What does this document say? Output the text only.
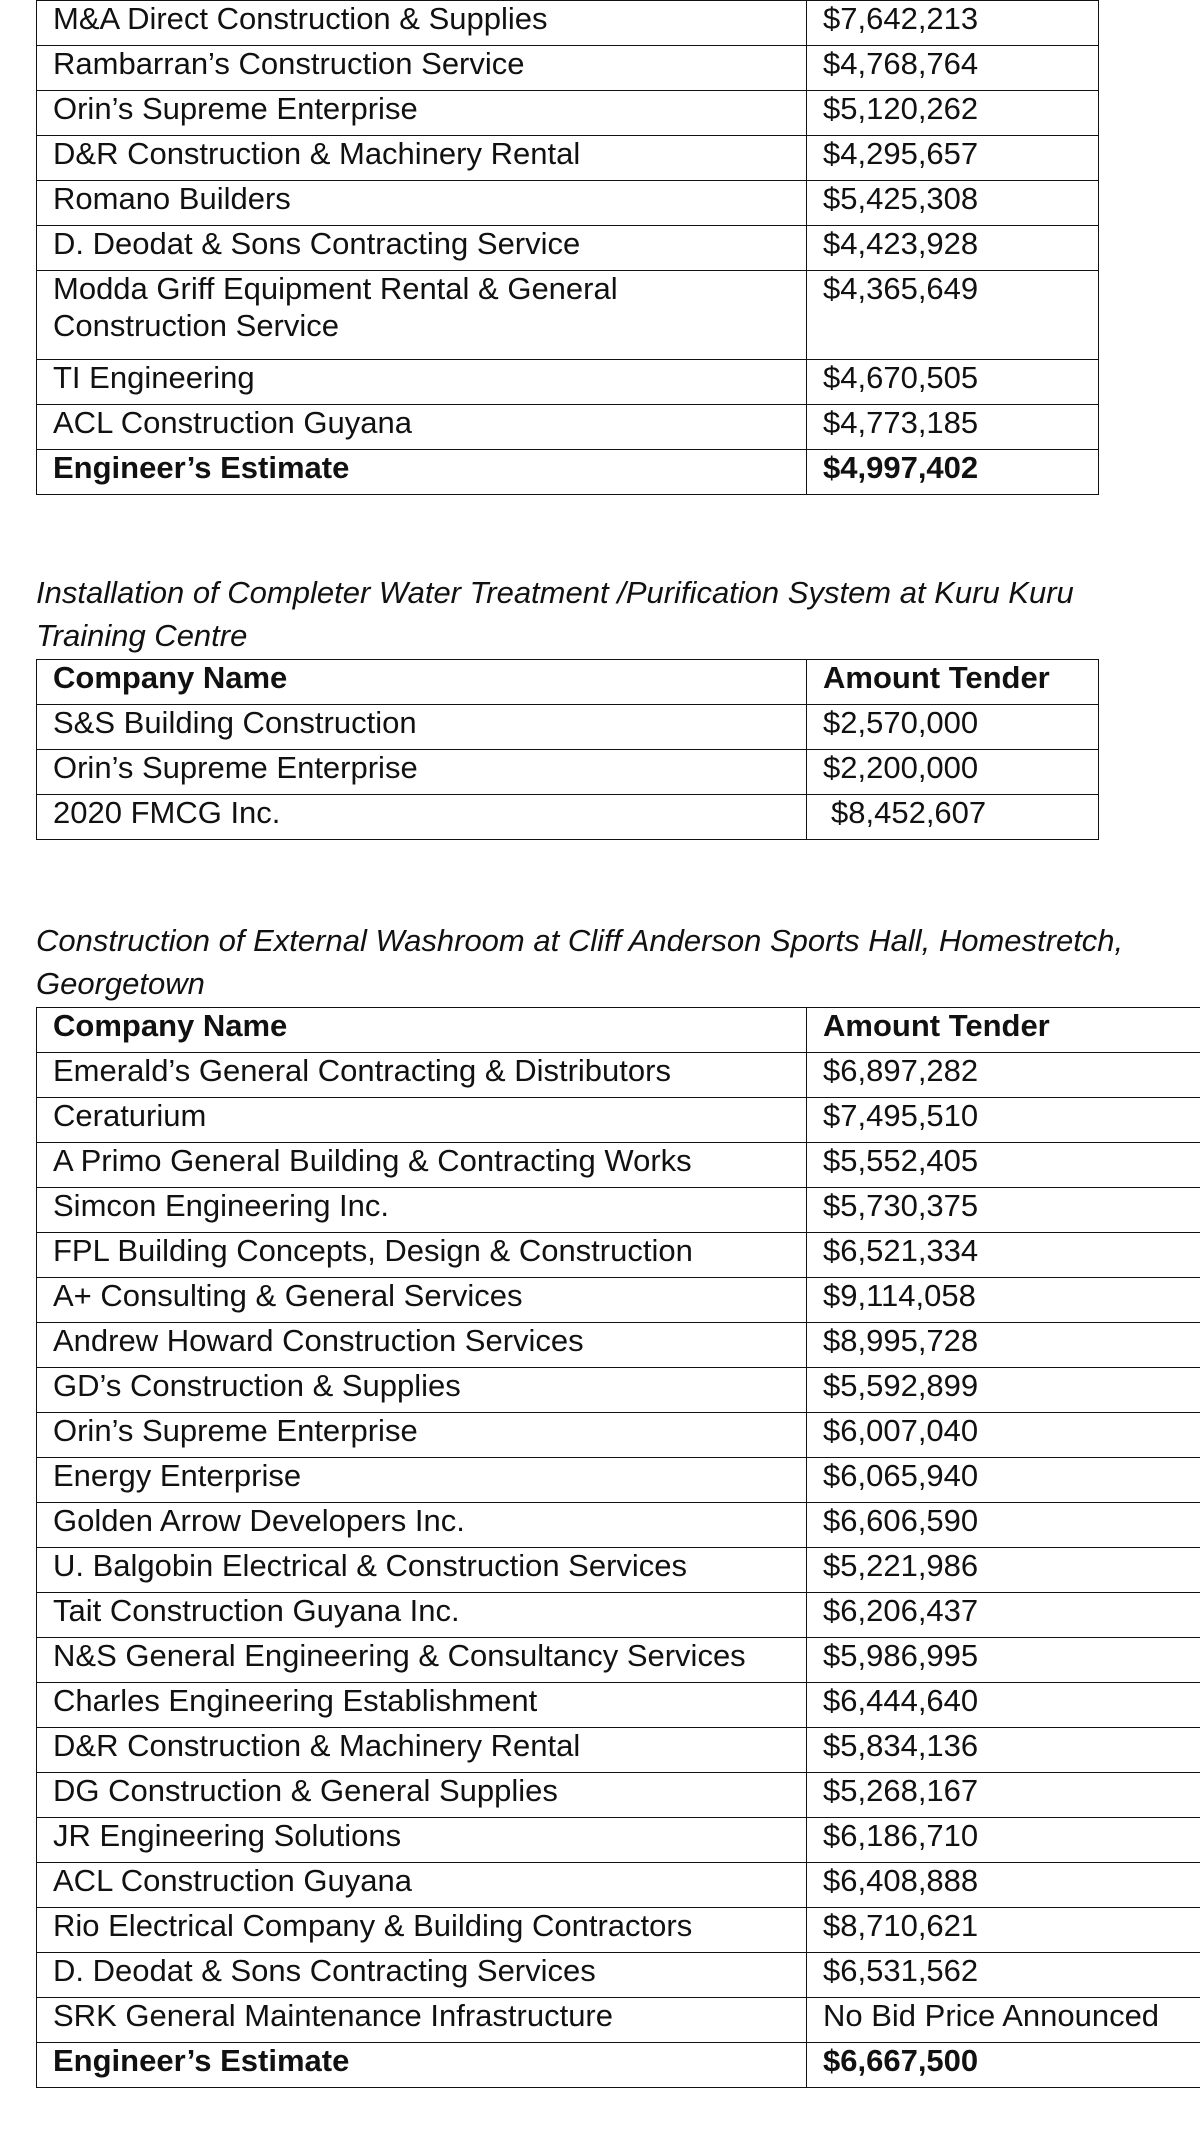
M&A Direct Construction & Supplies	$7,642,213
Rambarran’s Construction Service	$4,768,764
Orin’s Supreme Enterprise	$5,120,262
D&R Construction & Machinery Rental	$4,295,657
Romano Builders	$5,425,308
D. Deodat & Sons Contracting Service	$4,423,928
Modda Griff Equipment Rental & General Construction Service	$4,365,649
TI Engineering	$4,670,505
ACL Construction Guyana	$4,773,185
Engineer’s Estimate	$4,997,402

Installation of Completer Water Treatment /Purification System at Kuru Kuru Training Centre

Company Name	Amount Tender
S&S Building Construction	$2,570,000
Orin’s Supreme Enterprise	$2,200,000
2020 FMCG Inc.	$8,452,607

Construction of External Washroom at Cliff Anderson Sports Hall, Homestretch, Georgetown

Company Name	Amount Tender
Emerald’s General Contracting & Distributors	$6,897,282
Ceraturium	$7,495,510
A Primo General Building & Contracting Works	$5,552,405
Simcon Engineering Inc.	$5,730,375
FPL Building Concepts, Design & Construction	$6,521,334
A+ Consulting & General Services	$9,114,058
Andrew Howard Construction Services	$8,995,728
GD’s Construction & Supplies	$5,592,899
Orin’s Supreme Enterprise	$6,007,040
Energy Enterprise	$6,065,940
Golden Arrow Developers Inc.	$6,606,590
U. Balgobin Electrical & Construction Services	$5,221,986
Tait Construction Guyana Inc.	$6,206,437
N&S General Engineering & Consultancy Services	$5,986,995
Charles Engineering Establishment	$6,444,640
D&R Construction & Machinery Rental	$5,834,136
DG Construction & General Supplies	$5,268,167
JR Engineering Solutions	$6,186,710
ACL Construction Guyana	$6,408,888
Rio Electrical Company & Building Contractors	$8,710,621
D. Deodat & Sons Contracting Services	$6,531,562
SRK General Maintenance Infrastructure	No Bid Price Announced
Engineer’s Estimate	$6,667,500
